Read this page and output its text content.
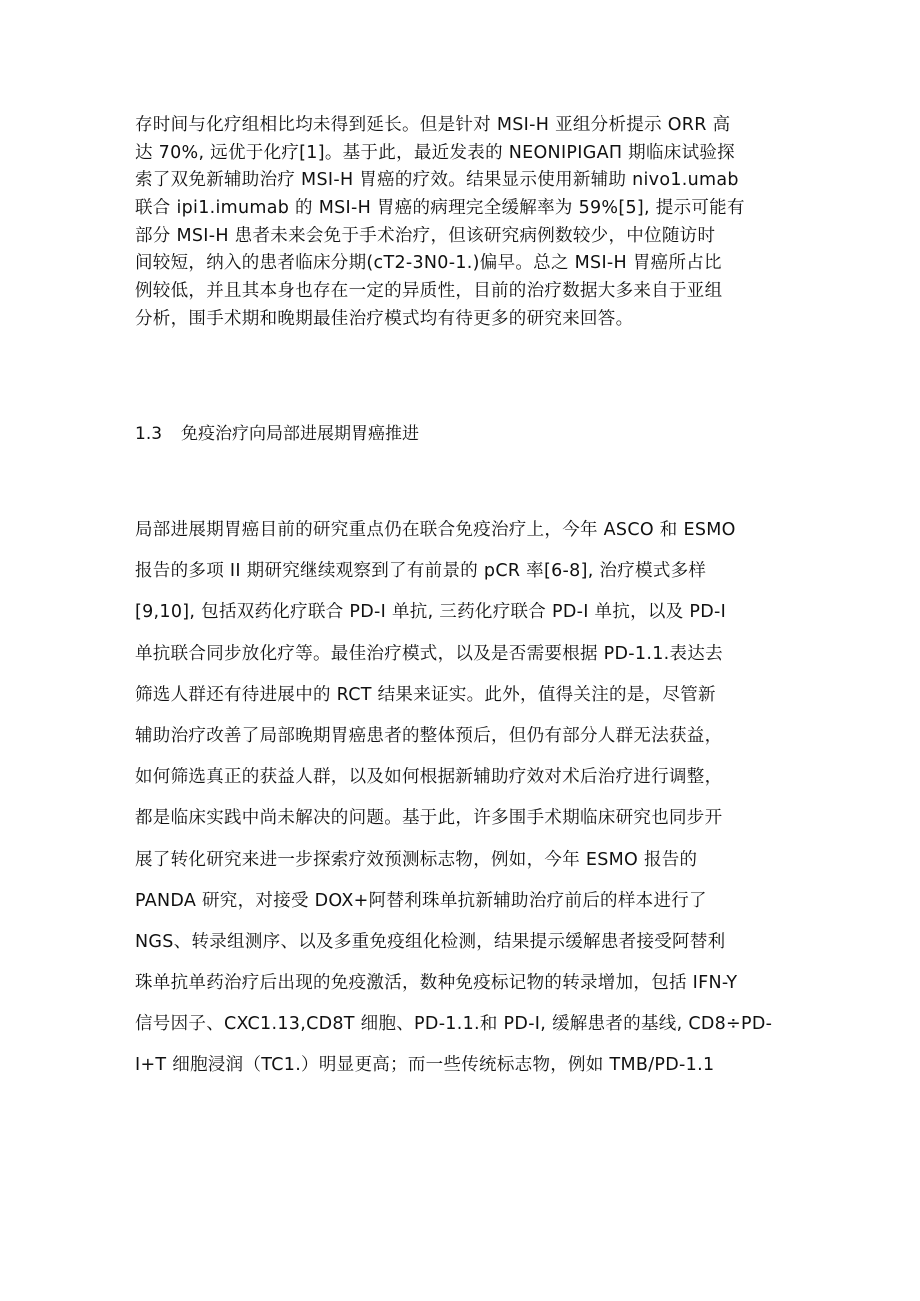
存时间与化疗组相比均未得到延长。但是针对 MSI-H 亚组分析提示 ORR 高
达 70%, 远优于化疗[1]。基于此，最近发表的 NEONIPIGAΠ 期临床试验探
索了双免新辅助治疗 MSI-H 胃癌的疗效。结果显示使用新辅助 nivo1.umab
联合 ipi1.imumab 的 MSI-H 胃癌的病理完全缓解率为 59%[5], 提示可能有
部分 MSI-H 患者未来会免于手术治疗，但该研究病例数较少，中位随访时
间较短，纳入的患者临床分期(cT2-3N0-1.)偏早。总之 MSI-H 胃癌所占比
例较低，并且其本身也存在一定的异质性，目前的治疗数据大多来自于亚组
分析，围手术期和晚期最佳治疗模式均有待更多的研究来回答。
1.3 免疫治疗向局部进展期胃癌推进
局部进展期胃癌目前的研究重点仍在联合免疫治疗上，今年 ASCO 和 ESMO
报告的多项 II 期研究继续观察到了有前景的 pCR 率[6-8], 治疗模式多样
[9,10], 包括双药化疗联合 PD-I 单抗, 三药化疗联合 PD-I 单抗，以及 PD-I
单抗联合同步放化疗等。最佳治疗模式，以及是否需要根据 PD-1.1.表达去
筛选人群还有待进展中的 RCT 结果来证实。此外，值得关注的是，尽管新
辅助治疗改善了局部晚期胃癌患者的整体预后，但仍有部分人群无法获益，
如何筛选真正的获益人群，以及如何根据新辅助疗效对术后治疗进行调整，
都是临床实践中尚未解决的问题。基于此，许多围手术期临床研究也同步开
展了转化研究来进一步探索疗效预测标志物，例如，今年 ESMO 报告的
PANDA 研究，对接受 DOX+阿替利珠单抗新辅助治疗前后的样本进行了
NGS、转录组测序、以及多重免疫组化检测，结果提示缓解患者接受阿替利
珠单抗单药治疗后出现的免疫激活，数种免疫标记物的转录增加，包括 IFN-Y
信号因子、CXC1.13,CD8T 细胞、PD-1.1.和 PD-I, 缓解患者的基线, CD8÷PD-
I+T 细胞浸润（TC1.）明显更高；而一些传统标志物，例如 TMB/PD-1.1
